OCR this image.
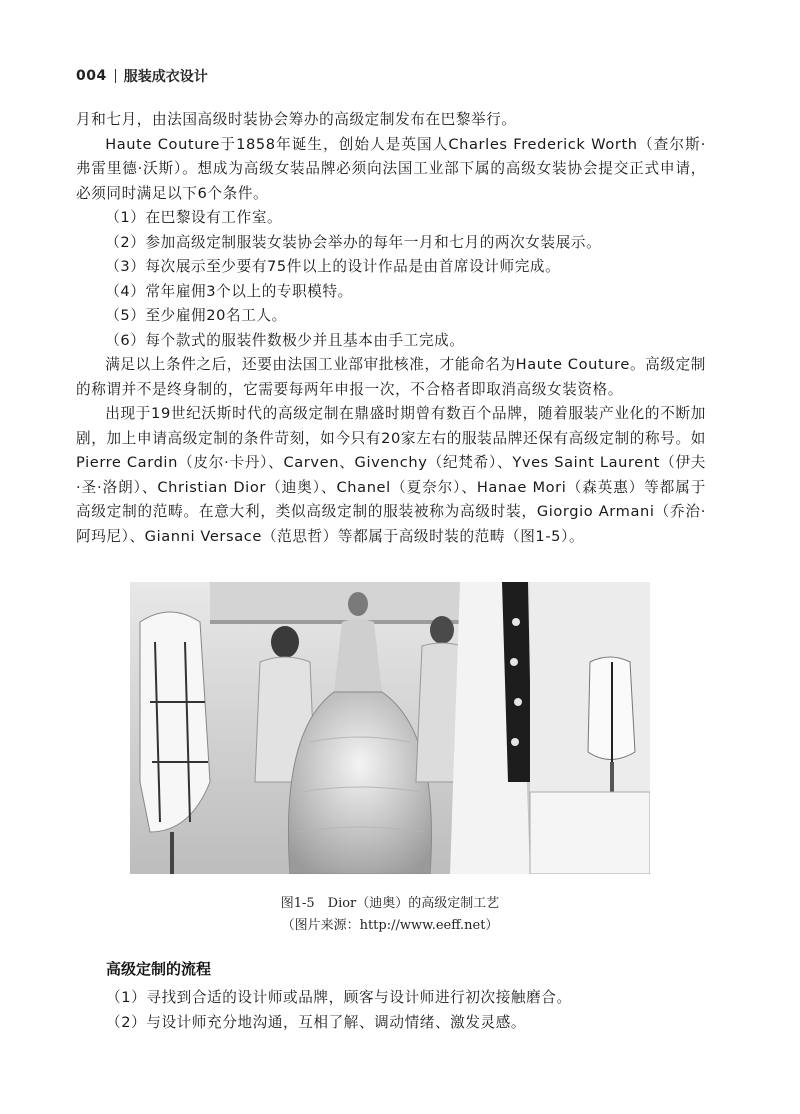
004 服装成衣设计

月和七月，由法国高级时装协会筹办的高级定制发布在巴黎举行。

Haute Couture于1858年诞生，创始人是英国人Charles Frederick Worth（查尔斯·弗雷里德·沃斯）。想成为高级女装品牌必须向法国工业部下属的高级女装协会提交正式申请，必须同时满足以下6个条件。

（1）在巴黎设有工作室。

（2）参加高级定制服装女装协会举办的每年一月和七月的两次女装展示。

（3）每次展示至少要有75件以上的设计作品是由首席设计师完成。

（4）常年雇佣3个以上的专职模特。

（5）至少雇佣20名工人。

（6）每个款式的服装件数极少并且基本由手工完成。

满足以上条件之后，还要由法国工业部审批核准，才能命名为Haute Couture。高级定制的称谓并不是终身制的，它需要每两年申报一次，不合格者即取消高级女装资格。

出现于19世纪沃斯时代的高级定制在鼎盛时期曾有数百个品牌，随着服装产业化的不断加剧，加上申请高级定制的条件苛刻，如今只有20家左右的服装品牌还保有高级定制的称号。如Pierre Cardin（皮尔·卡丹）、Carven、Givenchy（纪梵希）、Yves Saint Laurent（伊夫·圣·洛朗）、Christian Dior（迪奥）、Chanel（夏奈尔）、Hanae Mori（森英惠）等都属于高级定制的范畴。在意大利，类似高级定制的服装被称为高级时装，Giorgio Armani（乔治·阿玛尼）、Gianni Versace（范思哲）等都属于高级时装的范畴（图1-5）。

图1-5　Dior（迪奥）的高级定制工艺
（图片来源：http://www.eeff.net）
高级定制的流程

（1）寻找到合适的设计师或品牌，顾客与设计师进行初次接触磨合。

（2）与设计师充分地沟通，互相了解、调动情绪、激发灵感。
